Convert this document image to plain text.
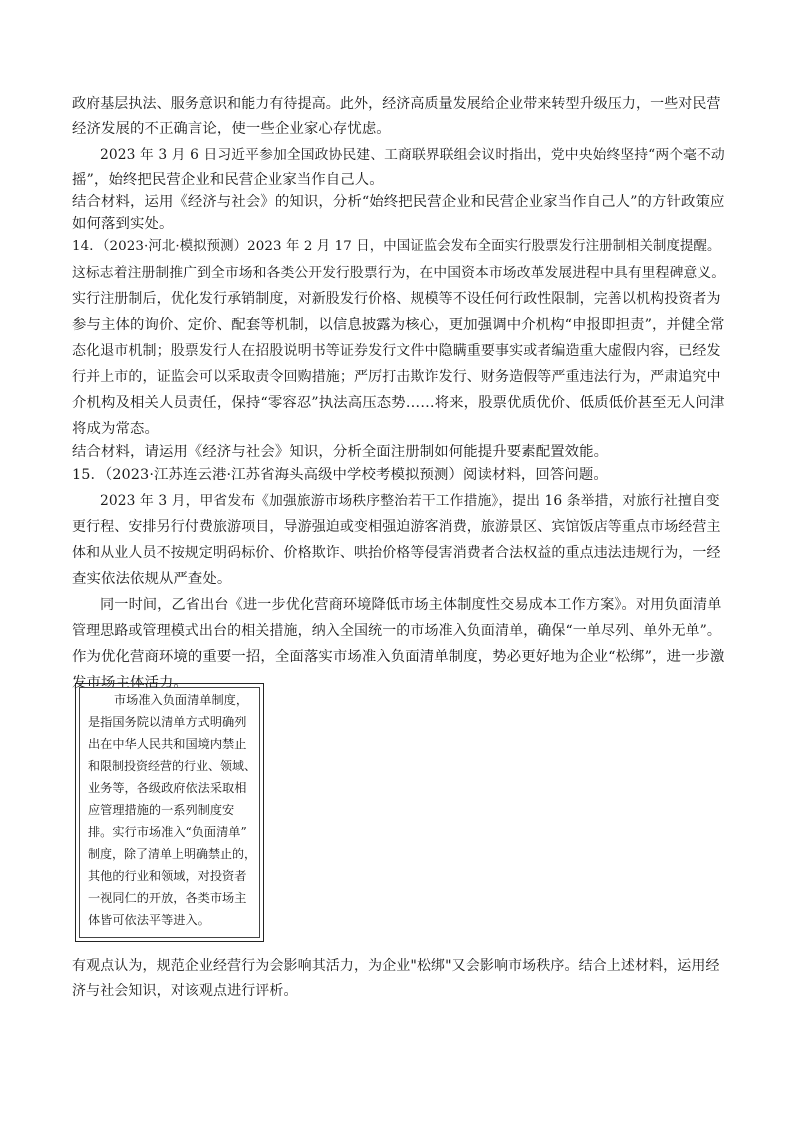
政府基层执法、服务意识和能力有待提高。此外，经济高质量发展给企业带来转型升级压力，一些对民营
经济发展的不正确言论，使一些企业家心存忧虑。
2023 年 3 月 6 日习近平参加全国政协民建、工商联界联组会议时指出，党中央始终坚持“两个毫不动
摇”，始终把民营企业和民营企业家当作自己人。
结合材料，运用《经济与社会》的知识，分析“始终把民营企业和民营企业家当作自己人”的方针政策应
如何落到实处。
14．（2023·河北·模拟预测）2023 年 2 月 17 日，中国证监会发布全面实行股票发行注册制相关制度提醒。
这标志着注册制推广到全市场和各类公开发行股票行为，在中国资本市场改革发展进程中具有里程碑意义。
实行注册制后，优化发行承销制度，对新股发行价格、规模等不设任何行政性限制，完善以机构投资者为
参与主体的询价、定价、配套等机制，以信息披露为核心，更加强调中介机构“申报即担责”，并健全常
态化退市机制；股票发行人在招股说明书等证券发行文件中隐瞒重要事实或者编造重大虚假内容，已经发
行并上市的，证监会可以采取责令回购措施；严厉打击欺诈发行、财务造假等严重违法行为，严肃追究中
介机构及相关人员责任，保持“零容忍”执法高压态势……将来，股票优质优价、低质低价甚至无人问津
将成为常态。
结合材料，请运用《经济与社会》知识，分析全面注册制如何能提升要素配置效能。
15．（2023·江苏连云港·江苏省海头高级中学校考模拟预测）阅读材料，回答问题。
2023 年 3 月，甲省发布《加强旅游市场秩序整治若干工作措施》，提出 16 条举措，对旅行社擅自变
更行程、安排另行付费旅游项目，导游强迫或变相强迫游客消费，旅游景区、宾馆饭店等重点市场经营主
体和从业人员不按规定明码标价、价格欺诈、哄抬价格等侵害消费者合法权益的重点违法违规行为，一经
查实依法依规从严查处。
同一时间，乙省出台《进一步优化营商环境降低市场主体制度性交易成本工作方案》。对用负面清单
管理思路或管理模式出台的相关措施，纳入全国统一的市场准入负面清单，确保“一单尽列、单外无单”。
作为优化营商环境的重要一招，全面落实市场准入负面清单制度，势必更好地为企业“松绑”，进一步激
发市场主体活力。
市场准入负面清单制度，
是指国务院以清单方式明确列
出在中华人民共和国境内禁止
和限制投资经营的行业、领域、
业务等，各级政府依法采取相
应管理措施的一系列制度安
排。实行市场准入“负面清单”
制度，除了清单上明确禁止的，
其他的行业和领域，对投资者
一视同仁的开放，各类市场主
体皆可依法平等进入。
有观点认为，规范企业经营行为会影响其活力，为企业"松绑"又会影响市场秩序。结合上述材料，运用经
济与社会知识，对该观点进行评析。
